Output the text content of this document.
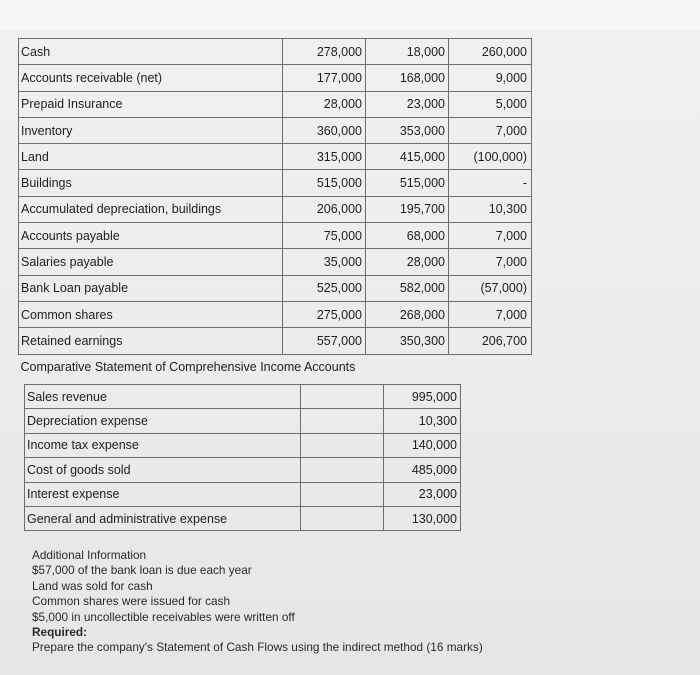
Cash	278,000	18,000	260,000
Accounts receivable (net)	177,000	168,000	9,000
Prepaid Insurance	28,000	23,000	5,000
Inventory	360,000	353,000	7,000
Land	315,000	415,000	(100,000)
Buildings	515,000	515,000	-
Accumulated depreciation, buildings	206,000	195,700	10,300
Accounts payable	75,000	68,000	7,000
Salaries payable	35,000	28,000	7,000
Bank Loan payable	525,000	582,000	(57,000)
Common shares	275,000	268,000	7,000
Retained earnings	557,000	350,300	206,700
Comparative Statement of Comprehensive Income Accounts			
Sales revenue		995,000
Depreciation expense		10,300
Income tax expense		140,000
Cost of goods sold		485,000
Interest expense		23,000
General and administrative expense		130,000
Additional Information
$57,000 of the bank loan is due each year
Land was sold for cash
Common shares were issued for cash
$5,000 in uncollectible receivables were written off
Required:
Prepare the company's Statement of Cash Flows using the indirect method (16 marks)
